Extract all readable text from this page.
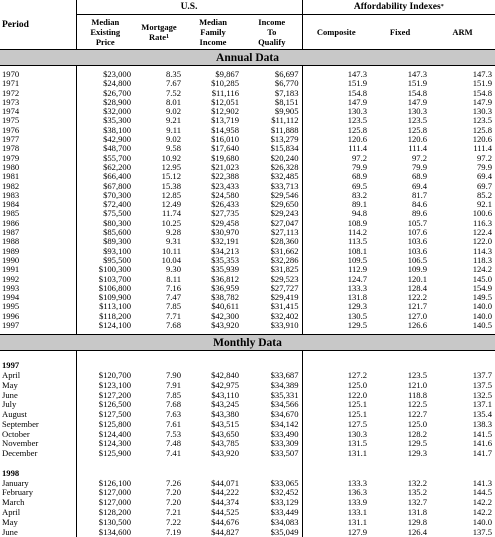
Period	U.S.				Affordability Indexes*
	Median
Existing
Price	Mortgage
Rate$^1$	Median
Family
Income	Income
To
Qualify	Composite	Fixed	ARM
Annual Data							

1970	$23,000	8.35	$9,867	$6,697	147.3	147.3	147.3
1971	$24,800	7.67	$10,285	$6,770	151.9	151.9	151.9
1972	$26,700	7.52	$11,116	$7,183	154.8	154.8	154.8
1973	$28,900	8.01	$12,051	$8,151	147.9	147.9	147.9
1974	$32,000	9.02	$12,902	$9,905	130.3	130.3	130.3
1975	$35,300	9.21	$13,719	$11,112	123.5	123.5	123.5
1976	$38,100	9.11	$14,958	$11,888	125.8	125.8	125.8
1977	$42,900	9.02	$16,010	$13,279	120.6	120.6	120.6
1978	$48,700	9.58	$17,640	$15,834	111.4	111.4	111.4
1979	$55,700	10.92	$19,680	$20,240	97.2	97.2	97.2
1980	$62,200	12.95	$21,023	$26,328	79.9	79.9	79.9
1981	$66,400	15.12	$22,388	$32,485	68.9	68.9	69.4
1982	$67,800	15.38	$23,433	$33,713	69.5	69.4	69.7
1983	$70,300	12.85	$24,580	$29,546	83.2	81.7	85.2
1984	$72,400	12.49	$26,433	$29,650	89.1	84.6	92.1
1985	$75,500	11.74	$27,735	$29,243	94.8	89.6	100.6
1986	$80,300	10.25	$29,458	$27,047	108.9	105.7	116.3
1987	$85,600	9.28	$30,970	$27,113	114.2	107.6	122.4
1988	$89,300	9.31	$32,191	$28,360	113.5	103.6	122.0
1989	$93,100	10.11	$34,213	$31,662	108.1	103.6	114.3
1990	$95,500	10.04	$35,353	$32,286	109.5	106.5	118.3
1991	$100,300	9.30	$35,939	$31,825	112.9	109.9	124.2
1992	$103,700	8.11	$36,812	$29,523	124.7	120.1	145.0
1993	$106,800	7.16	$36,959	$27,727	133.3	128.4	154.9
1994	$109,900	7.47	$38,782	$29,419	131.8	122.2	149.5
1995	$113,100	7.85	$40,611	$31,415	129.3	121.7	140.0
1996	$118,200	7.71	$42,300	$32,402	130.5	127.0	140.0
1997	$124,100	7.68	$43,920	$33,910	129.5	126.6	140.5

Monthly Data							

1997							
April	$120,700	7.90	$42,840	$33,687	127.2	123.5	137.7
May	$123,100	7.91	$42,975	$34,389	125.0	121.0	137.5
June	$127,200	7.85	$43,110	$35,331	122.0	118.8	132.5
July	$126,500	7.68	$43,245	$34,566	125.1	122.5	137.1
August	$127,500	7.63	$43,380	$34,670	125.1	122.7	135.4
September	$125,800	7.61	$43,515	$34,142	127.5	125.0	138.3
October	$124,400	7.53	$43,650	$33,490	130.3	128.2	141.5
November	$124,300	7.48	$43,785	$33,309	131.5	129.5	141.6
December	$125,900	7.41	$43,920	$33,507	131.1	129.3	141.7

1998							
January	$126,100	7.26	$44,071	$33,065	133.3	132.2	141.3
February	$127,000	7.20	$44,222	$32,452	136.3	135.2	144.5
March	$127,000	7.20	$44,374	$33,129	133.9	132.7	142.2
April	$128,200	7.21	$44,525	$33,449	133.1	131.8	142.2
May	$130,500	7.22	$44,676	$34,083	131.1	129.8	140.0
June	$134,600	7.19	$44,827	$35,049	127.9	126.4	137.5
